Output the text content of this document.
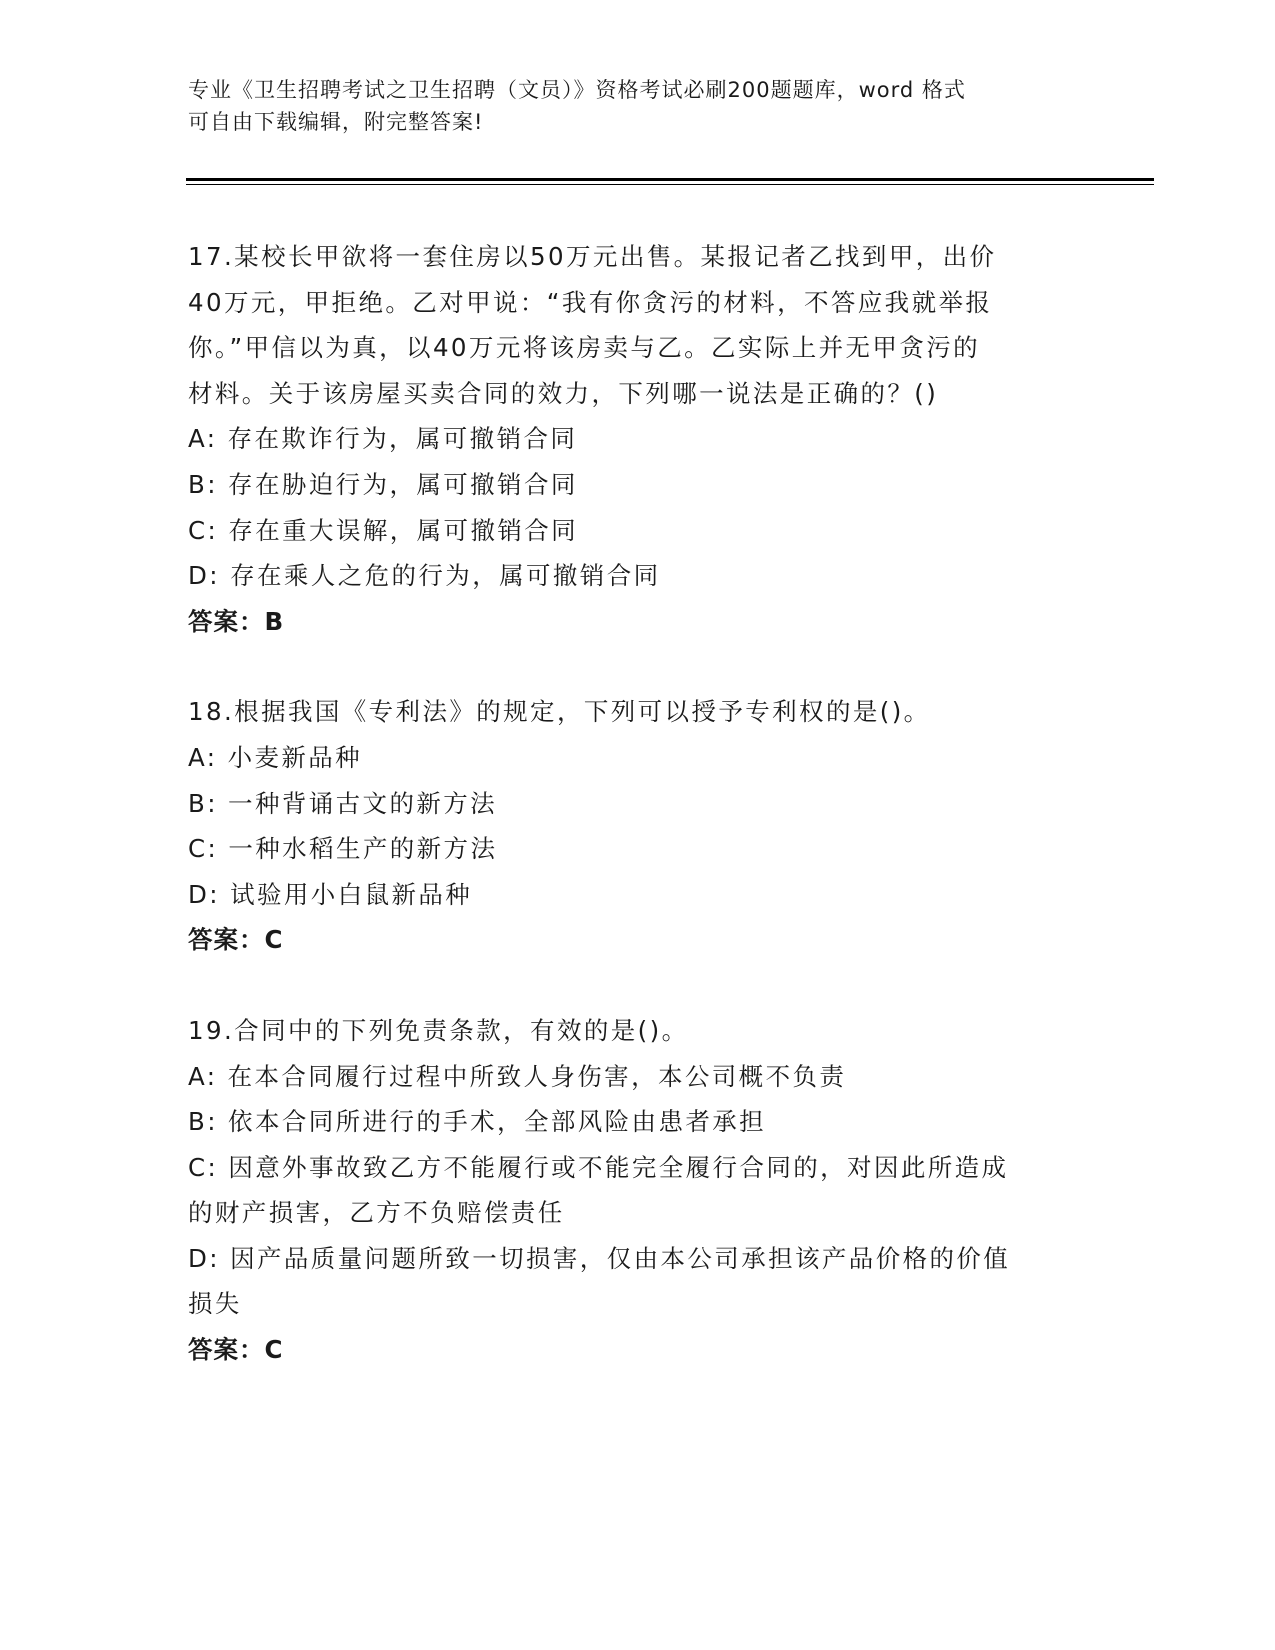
专业《卫生招聘考试之卫生招聘（文员）》资格考试必刷200题题库，word 格式
可自由下载编辑，附完整答案!
17.某校长甲欲将一套住房以50万元出售。某报记者乙找到甲，出价
40万元，甲拒绝。乙对甲说：“我有你贪污的材料，不答应我就举报
你。”甲信以为真，以40万元将该房卖与乙。乙实际上并无甲贪污的
材料。关于该房屋买卖合同的效力，下列哪一说法是正确的？()
A: 存在欺诈行为，属可撤销合同
B: 存在胁迫行为，属可撤销合同
C: 存在重大误解，属可撤销合同
D: 存在乘人之危的行为，属可撤销合同
答案：B
18.根据我国《专利法》的规定，下列可以授予专利权的是()。
A: 小麦新品种
B: 一种背诵古文的新方法
C: 一种水稻生产的新方法
D: 试验用小白鼠新品种
答案：C
19.合同中的下列免责条款，有效的是()。
A: 在本合同履行过程中所致人身伤害，本公司概不负责
B: 依本合同所进行的手术，全部风险由患者承担
C: 因意外事故致乙方不能履行或不能完全履行合同的，对因此所造成
的财产损害，乙方不负赔偿责任
D: 因产品质量问题所致一切损害，仅由本公司承担该产品价格的价值
损失
答案：C
